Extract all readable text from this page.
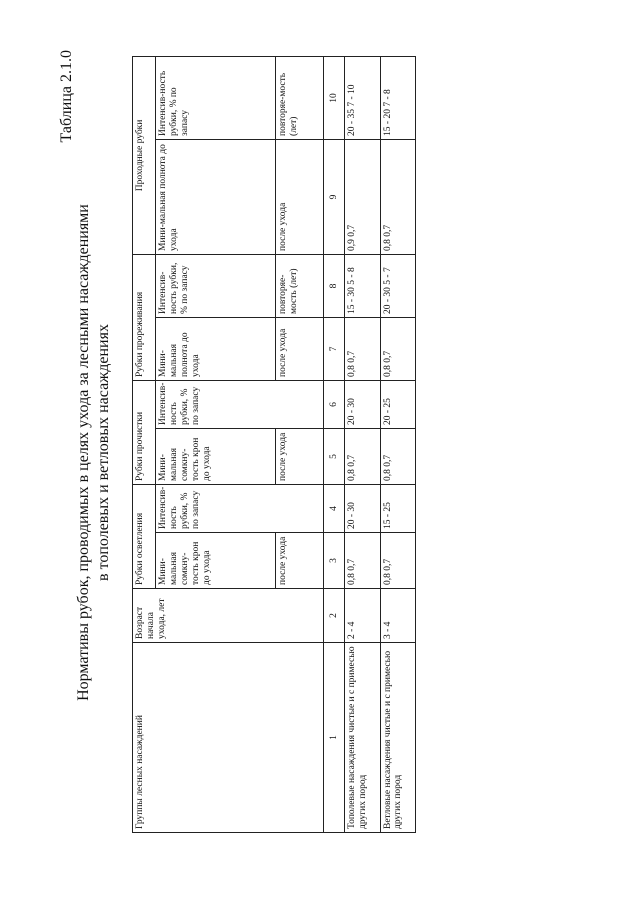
Таблица 2.1.0

Нормативы рубок, проводимых в целях ухода за лесными насаждениями в тополевых и ветловых насаждениях
Группы лесных насаждений	Возраст начала ухода, лет	Рубки осветления		Рубки прочистки		Рубки прореживания		Проходные рубки	
		Мини-мальная сомкну-тость крон до ухода	Интенсив-ность рубки, % по запасу	Мини-мальная сомкну-тость крон до ухода	Интенсив-ность рубки, % по запасу	Мини-мальная полнота до ухода	Интенсив-ность рубки, % по запасу	Мини-мальная полнота до ухода	Интенсив-ность рубки, % по запасу
		после ухода		после ухода		после ухода	повторяе-мость (лет)	после ухода	повторяе-мость (лет)
1	2	3	4	5	6	7	8	9	10
Тополевые насаждения чистые и с примесью других пород	2 - 4	0,8 0,7	20 - 30	0,8 0,7	20 - 30	0,8 0,7	15 - 30 5 - 8	0,9 0,7	20 - 35 7 - 10
Ветловые насаждения чистые и с примесью других пород	3 - 4	0,8 0,7	15 - 25	0,8 0,7	20 - 25	0,8 0,7	20 - 30 5 - 7	0,8 0,7	15 - 20 7 - 8
